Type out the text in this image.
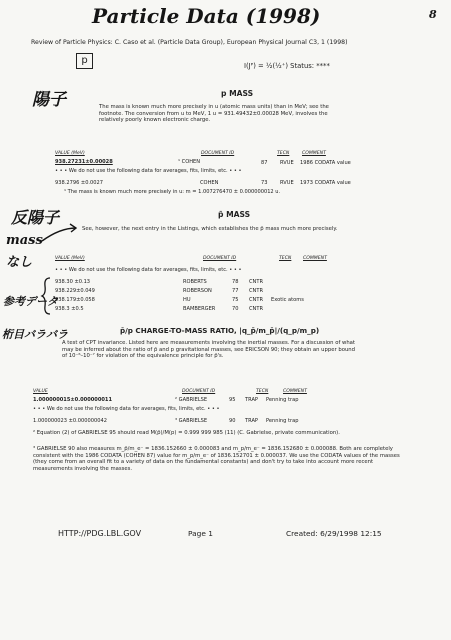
Particle Data (1998)	8
Review of Particle Physics: C. Caso et al. (Particle Data Group), European Physical Journal C3, 1 (1998)
p	I(Jᴾ) = ½(½⁺) Status: ****
陽子	p MASS
The mass is known much more precisely in u (atomic mass units) than in MeV; see the footnote. The conversion from u to MeV, 1 u = 931.49432±0.00028 MeV, involves the relatively poorly known electronic charge.
VALUE (MeV)	DOCUMENT ID	TECN	COMMENT
938.27231±0.00028	¹ COHEN	87 RVUE 1986 CODATA value
• • • We do not use the following data for averages, fits, limits, etc. • • •
938.2796 ±0.0027	COHEN	73 RVUE 1973 CODATA value
¹ The mass is known much more precisely in u: m = 1.007276470 ± 0.000000012 u.
反陽子
mass
なし
p̄ MASS
See, however, the next entry in the Listings, which establishes the p̄ mass much more precisely.
VALUE (MeV)	DOCUMENT ID	TECN	COMMENT
• • • We do not use the following data for averages, fits, limits, etc. • • •
938.30 ±0.13	ROBERTS	78 CNTR
938.229±0.049	ROBERSON	77 CNTR
938.179±0.058	HU	75 CNTR Exotic atoms
938.3 ±0.5	BAMBERGER	70 CNTR
参考データ
桁目バラバラ	p̄/p CHARGE-TO-MASS RATIO, |q_p̄/m_p̄|/(q_p/m_p)
A test of CPT invariance. Listed here are measurements involving the inertial masses. For a discussion of what may be inferred about the ratio of p̄ and p gravitational masses, see ERICSON 90; they obtain an upper bound of 10⁻⁶–10⁻⁷ for violation of the equivalence principle for p̄'s.
VALUE	DOCUMENT ID	TECN	COMMENT
1.000000015±0.000000011	² GABRIELSE	95 TRAP Penning trap
• • • We do not use the following data for averages, fits, limits, etc. • • •
1.000000023 ±0.000000042	³ GABRIELSE	90 TRAP Penning trap
² Equation (2) of GABRIELSE 95 should read M(p̄)/M(p) = 0.999 999 985 (11) (C. Gabrielse, private communication).
³ GABRIELSE 90 also measures m_p̄/m_e⁻ = 1836.152660 ± 0.000083 and m_p/m_e⁻ = 1836.152680 ± 0.000088. Both are completely consistent with the 1986 CODATA (COHEN 87) value for m_p/m_e⁻ of 1836.152701 ± 0.000037. We use the CODATA values of the masses (they come from an overall fit to a variety of data on the fundamental constants) and don't try to take into account more recent measurements involving the masses.
HTTP://PDG.LBL.GOV	Page 1	Created: 6/29/1998 12:15
